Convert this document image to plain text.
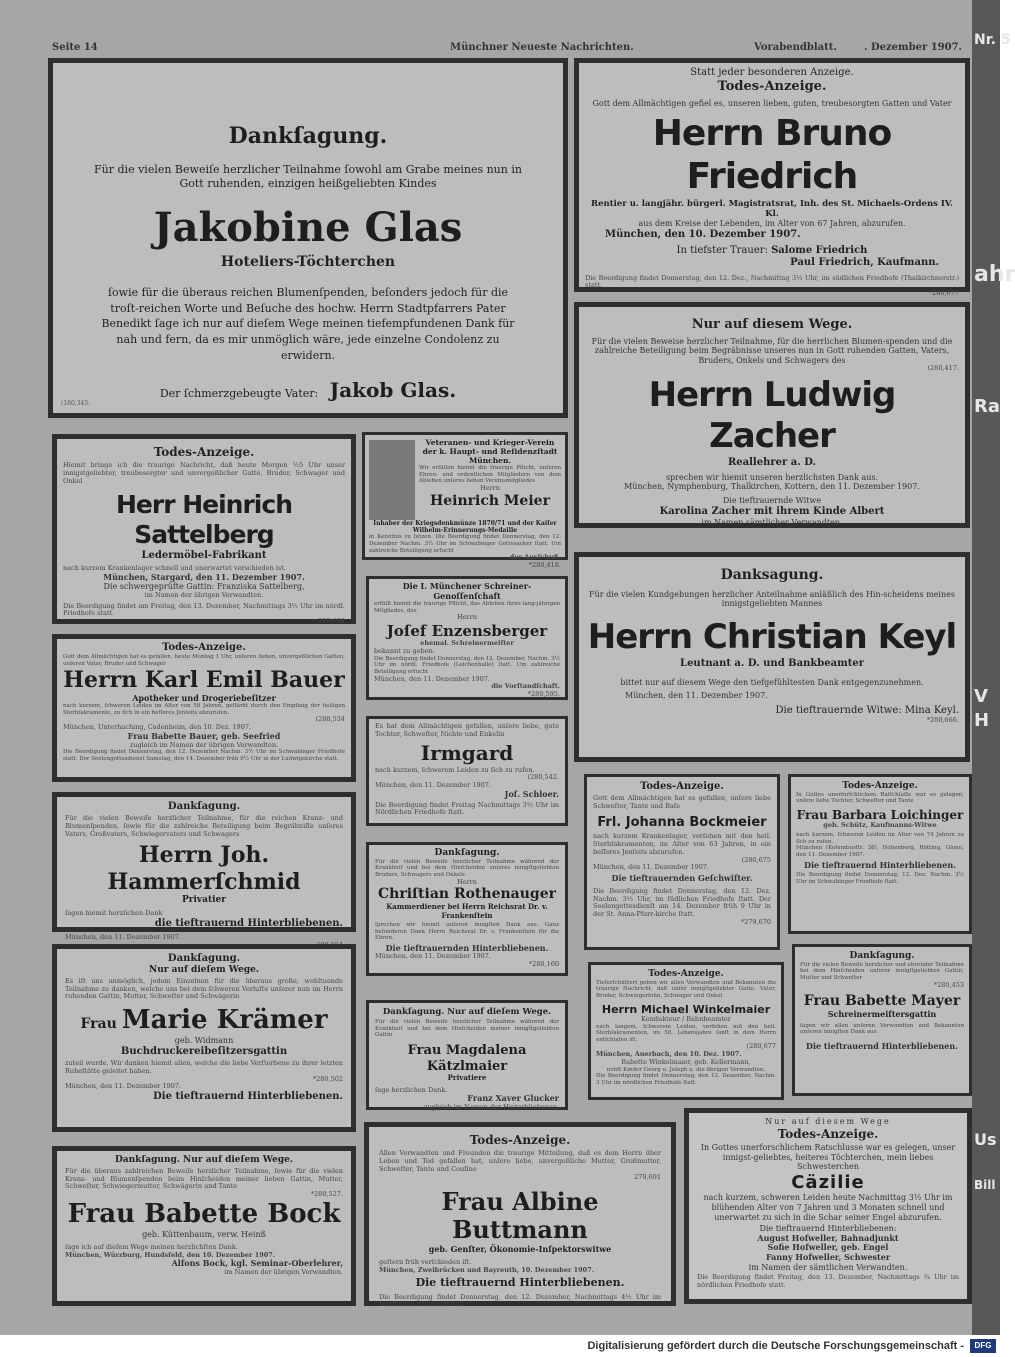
Nr. 5
ahr
Ra
V
H
Us
Bill
Seite 14	Münchner Neueste Nachrichten.	Vorabendblatt.	. Dezember 1907.
Dankſagung.
Für die vielen Beweiſe herzlicher Teilnahme ſowohl am Grabe meines nun in Gott ruhenden, einzigen heißgeliebten Kindes
Jakobine Glas
Hoteliers-Töchterchen
ſowie für die überaus reichen Blumenſpenden, beſonders jedoch für die troſt-reichen Worte und Beſuche des hochw. Herrn Stadtpfarrers Pater Benedikt ſage ich nur auf dieſem Wege meinen tiefempfundenen Dank für nah und fern, da es mir unmöglich wäre, jede einzelne Condolenz zu erwidern.
Der ſchmerzgebeugte Vater: Jakob Glas.
(180,345.
Statt jeder besonderen Anzeige.
Todes-Anzeige.
Gott dem Allmächtigen gefiel es, unseren lieben, guten, treubesorgten Gatten und Vater
Herrn Bruno Friedrich
Rentier u. langjähr. bürgerl. Magistratsrat, Inh. des St. Michaels-Ordens IV. Kl.
aus dem Kreise der Lebenden, im Alter von 67 Jahren, abzurufen.
München, den 10. Dezember 1907.
In tiefster Trauer: Salome Friedrich
Paul Friedrich, Kaufmann.
Die Beerdigung findet Donnerstag, den 12. Dez., Nachmittag 3½ Uhr, im südlichen Friedhofe (Thalkirchnerstr.) statt.
*280,677
Nur auf diesem Wege.
Für die vielen Beweise herzlicher Teilnahme, für die herrlichen Blumen-spenden und die zahlreiche Beteiligung beim Begräbnisse unseres nun in Gott ruhenden Gatten, Vaters, Bruders, Onkels und Schwagers des
(280,417.
Herrn Ludwig Zacher
Reallehrer a. D.
sprechen wir hiemit unseren herzlichsten Dank aus.
München, Nymphenburg, Thalkirchen, Kottern, den 11. Dezember 1907.
Die tieftrauernde Witwe
Karolina Zacher mit ihrem Kinde Albert
im Namen sämtlicher Verwandten.
Danksagung.
Für die vielen Kundgebungen herzlicher Anteilnahme anläßlich des Hin-scheidens meines innigstgeliebten Mannes
Herrn Christian Keyl
Leutnant a. D. und Bankbeamter
bittet nur auf diesem Wege den tiefgefühltesten Dank entgegenzunehmen.
München, den 11. Dezember 1907.
Die tieftrauernde Witwe: Mina Keyl.
*280,666.
Todes-Anzeige.
Hiemit bringe ich die traurige Nachricht, daß heute Morgen ½5 Uhr unser innigstgeliebter, treubesorgter und unvergeßlicher Gatte, Bruder, Schwager und Onkel
Herr Heinrich Sattelberg
Ledermöbel-Fabrikant
nach kurzem Krankenlager schnell und unerwartet verschieden ist.
München, Stargard, den 11. Dezember 1907.
Die schwergeprüfte Gattin: Franziska Sattelberg,
im Namen der übrigen Verwandten.
Die Beerdigung findet am Freitag, den 13. Dezember, Nachmittags 3½ Uhr im nördl. Friedhofe statt.
280,664
Veteranen- und Krieger-Verein der k. Haupt- und Reſidenzſtadt München.
Wir erfüllen hiemit die traurige Pflicht, unſeren Ehren- und ordentlichen Mitgliedern von dem Ableben unſeres lieben Vereinsmitgliedes
Herrn
Heinrich Meier
Inhaber der Kriegsdenkmünze 1870/71 und der Kaiſer Wilhelm-Erinnerungs-Medaille
in Kenntnis zu ſetzen. Die Beerdigung findet Donnerstag, den 12. Dezember Nachm. 3½ Uhr im Schwabinger Gottesacker ſtatt. Um zahlreiche Beteiligung erſucht
der Ausſchuß.
*280,418.
Die I. Münchener Schreiner-Genoſſenſchaft
erfüllt hiemit die traurige Pflicht, das Ableben ihres lang-jährigen Mitgliedes, des
Herrn
Joſef Enzensberger
ehemal. Schreinermeiſter
bekannt zu geben.
Die Beerdigung findet Donnerstag, den 12. Dezember, Nachm. 3½ Uhr im nördl. Friedhofe (Leichenhalle) ſtatt. Um zahlreiche Beteiligung erſucht
München, den 11. Dezember 1907.
die Vorſtandſchaft.
*280,595.
Es hat dem Allmächtigen gefallen, unſere liebe, gute Tochter, Schweſter, Nichte und Enkelin
Irmgard
nach kurzem, ſchwerem Leiden zu ſich zu rufen.
(280,542.
München, den 11. Dezember 1907.
Joſ. Schloer.
Die Beerdigung findet Freitag Nachmittags 3½ Uhr im Nördlichen Friedhofe ſtatt.
Todes-Anzeige.
Gott dem Allmächtigen hat es gefallen, heute Montag 1 Uhr, unſeren lieben, unvergeßlichen Gatten, unſeren Vater, Bruder und Schwager
Herrn Karl Emil Bauer
Apotheker und Drogeriebeſitzer
nach kurzem, ſchweren Leiden im Alter von 58 Jahren, geſtärkt durch den Empfang der heiligen Sterbſakramente, zu ſich in ein beſſeres Jenſeits abzurufen.
(280,534
München, Unterhaching, Cadenheim, den 10. Dez. 1907.
Frau Babette Bauer, geb. Seefried
zugleich im Namen der übrigen Verwandten.
Die Beerdigung findet Donnerstag, den 12. Dezember Nachm. 3½ Uhr im Schwabinger Friedhofe statt. Der Seelengottesdienst Samstag, den 14. Dezember früh 9½ Uhr in der Ludwigskirche statt.
Dankſagung.
Für die vielen Beweiſe herzlicher Teilnahme, für die reichen Kranz- und Blumenſpenden, ſowie für die zahlreiche Beteiligung beim Begräbniſſe unſeres Vaters, Großvaters, Schwiegervaters und Schwagers
Herrn Joh. Hammerſchmid
Privatier
ſagen hiemit herzlichen Dank
die tieftrauernd Hinterbliebenen.
München, den 11. Dezember 1907.
Dankſagung.
Für die vielen Beweiſe herzlicher Teilnahme während der Krankheit und bei dem Hinſcheiden unſeres innigſtgeliebten Bruders, Schwagers und Onkels
Herrn
Chriſtian Rothenauger
Kammerdiener bei Herrn Reichsrat Dr. v. Frankenſtein
ſprechen wir hiemit unſeren innigſten Dank aus. Ganz beſonderen Dank Herrn Reichsrat Dr. v. Frankenſtein für die Ehren.
Die tieftrauernden Hinterbliebenen.
München, den 11. Dezember 1907.
*280,160
Todes-Anzeige.
Gott dem Allmächtigen hat es gefallen, unſere liebe Schweſter, Tante und Baſe
Frl. Johanna Bockmeier
nach kurzem Krankenlager, verſehen mit den heil. Sterbſakramenten, im Alter von 63 Jahren, in ein beſſeres Jenſeits abzurufen.
(280,675
München, den 11. Dezember 1907.
Die tieftrauernden Geſchwiſter.
Die Beerdigung findet Donnerstag, den 12. Dez. Nachm. 3½ Uhr, im ſüdlichen Friedhofe ſtatt. Der Seelengottesdienſt am 14. Dezember früh 9 Uhr in der St. Anna-Pfarr-kirche ſtatt.
*279,670
Todes-Anzeige.
In Gottes unerforſchlichem Ratſchluſſe war es gelegen, unſere liebe Tochter, Schweſter und Tante
Frau Barbara Loichinger
geb. Schütz, Kaufmanns-Witwe
nach kurzem, ſchweren Leiden im Alter von 74 Jahren zu ſich zu rufen.
München (Kolumbusſtr. 38), Hohenberg, Rötting, Glonn, den 11. Dezember 1907.
Die tieftrauernd Hinterbliebenen.
Die Beerdigung findet Donnerstag, 12. Dez. Nachm. 3½ Uhr im Schwabinger Friedhofe ſtatt.
Dankſagung.
Nur auf dieſem Wege.
Es iſt uns unmöglich, jedem Einzelnen für die überaus große, wohltuende Teilnahme zu danken, welche uns bei dem ſchweren Verluſte unſerer nun im Herrn ruhenden Gattin, Mutter, Schweſter und Schwägerin
Frau Marie Krämer
geb. Widmann
Buchdruckereibeſitzersgattin
zuteil wurde. Wir danken hiemit allen, welche die liebe Verſtorbene zu ihrer letzten Ruheſtätte geleitet haben.
*280,502
München, den 11. Dezember 1907.
Die tieftrauernd Hinterbliebenen.
Dankſagung. Nur auf dieſem Wege.
Für die vielen Beweiſe herzlicher Teilnahme während der Krankheit und bei dem Hinſcheiden meiner innigſtgeliebten Gattin
Frau Magdalena Kätzlmaier
Privatiere
ſage herzlichen Dank.
Franz Xaver Glucker
zugleich im Namen der Hinterbliebenen.
Todes-Anzeige.
Tieferſchüttert geben wir allen Verwandten und Bekannten die traurige Nachricht, daß unſer innigſtgeliebter Gatte, Vater, Bruder, Schwiegerſohn, Schwager und Onkel
Herrn Michael Winkelmaier
Kondukteur / Bahnbeamter
nach langem, ſchwerem Leiden, verſehen mit den heil. Sterbſakramenten, im 58. Lebensjahre ſanft in dem Herrn entſchlafen iſt.
(280,677
München, Auerbach, den 10. Dez. 1907.
Babette Winkelmaier, geb. Kellermann,
nebſt Kinder Georg u. Joſeph u. die übrigen Verwandten.
Die Beerdigung findet Donnerstag, den 12. Dezember, Nachm. 3 Uhr im nördlichen Friedhofe ſtatt.
Dankſagung.
Für die vielen Beweiſe herzlicher und ehrender Teilnahme bei dem Hinſcheiden unſerer innigſtgeliebten Gattin, Mutter und Schweſter
*280,453
Frau Babette Mayer
Schreinermeiſtersgattin
ſagen wir allen unſeren Verwandten und Bekannten unſeren innigſten Dank aus.
Die tieftrauernd Hinterbliebenen.
Dankſagung. Nur auf dieſem Wege.
Für die überaus zahlreichen Beweiſe herzlicher Teilnahme, ſowie für die vielen Kranz- und Blumenſpenden beim Hinſcheiden meiner lieben Gattin, Mutter, Schweſter, Schwiegermutter, Schwägerin und Tante
*280,527.
Frau Babette Bock
geb. Küttenbaum, verw. Heinß
ſage ich auf dieſem Wege meinen herzlichſten Dank.
München, Würzburg, Hundsfeld, den 10. Dezember 1907.
Alfons Bock, kgl. Seminar-Oberlehrer,
im Namen der übrigen Verwandten.
Todes-Anzeige.
Allen Verwandten und Freunden die traurige Mitteilung, daß es dem Herrn über Leben und Tod gefallen hat, unſere liebe, unvergeßliche Mutter, Großmutter, Schweſter, Tante und Couſine
279,691
Frau Albine Buttmann
geb. Genſter, Ökonomie-Inſpektorswitwe
geſtern früh verſchieden iſt.
München, Zweibrücken und Bayreuth, 10. Dezember 1907.
Die tieftrauernd Hinterbliebenen.
Die Beerdigung findet Donnerstag, den 12. Dezember, Nachmittags 4½ Uhr im nördlichen Friedhofe ſtatt.
Nur auf diesem Wege
Todes-Anzeige.
In Gottes unerforschlichem Ratschlusse war es gelegen, unser innigst-geliebtes, heiteres Töchterchen, mein liebes Schwesterchen
Cäzilie
nach kurzem, schweren Leiden heute Nachmittag 3½ Uhr im blühenden Alter von 7 Jahren und 3 Monaten schnell und unerwartet zu sich in die Schar seiner Engel abzurufen.
Die tieftrauernd Hinterbliebenen:
August Hofweller, Bahnadjunkt
Sofie Hofweller, geb. Engel
Fanny Hofweller, Schwester
im Namen der sämtlichen Verwandten.
Die Beerdigung findet Freitag, den 13. Dezember, Nachmittags ¾ Uhr im nördlichen Friedhofe statt.
Digitalisierung gefördert durch die Deutsche Forschungsgemeinschaft -	DFG
